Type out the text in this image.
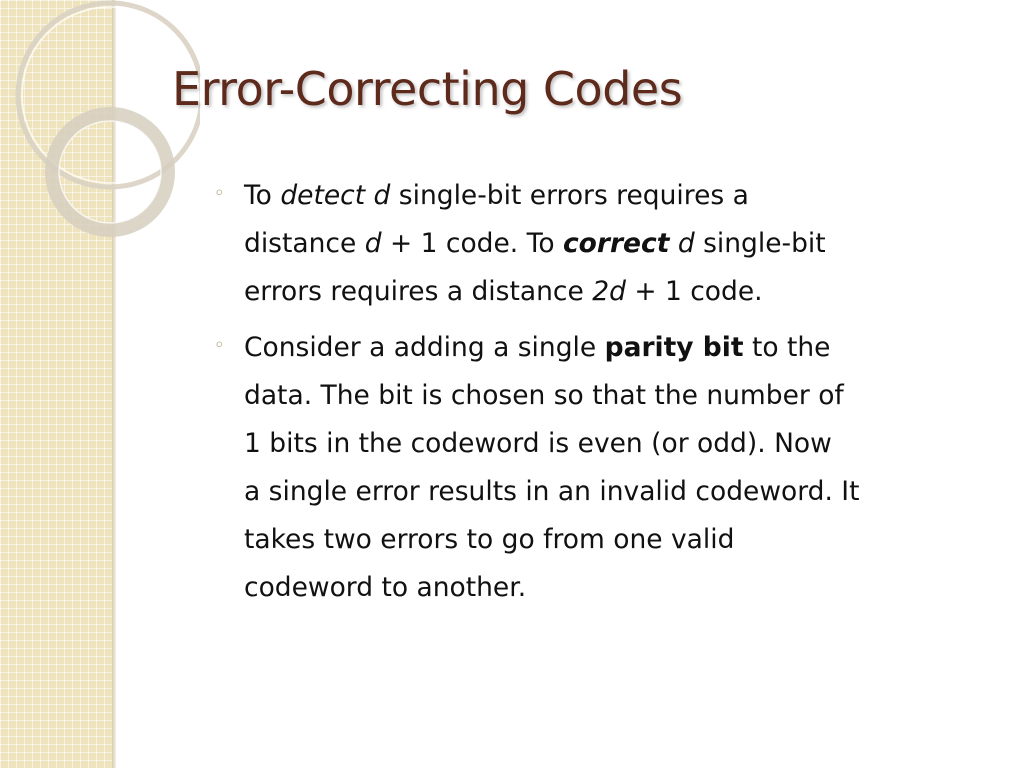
Error-Correcting Codes
◦ To detect d single-bit errors requires a
distance d + 1 code. To correct d single-bit
errors requires a distance 2d + 1 code.
◦ Consider a adding a single parity bit to the
data. The bit is chosen so that the number of
1 bits in the codeword is even (or odd). Now
a single error results in an invalid codeword. It
takes two errors to go from one valid
codeword to another.
